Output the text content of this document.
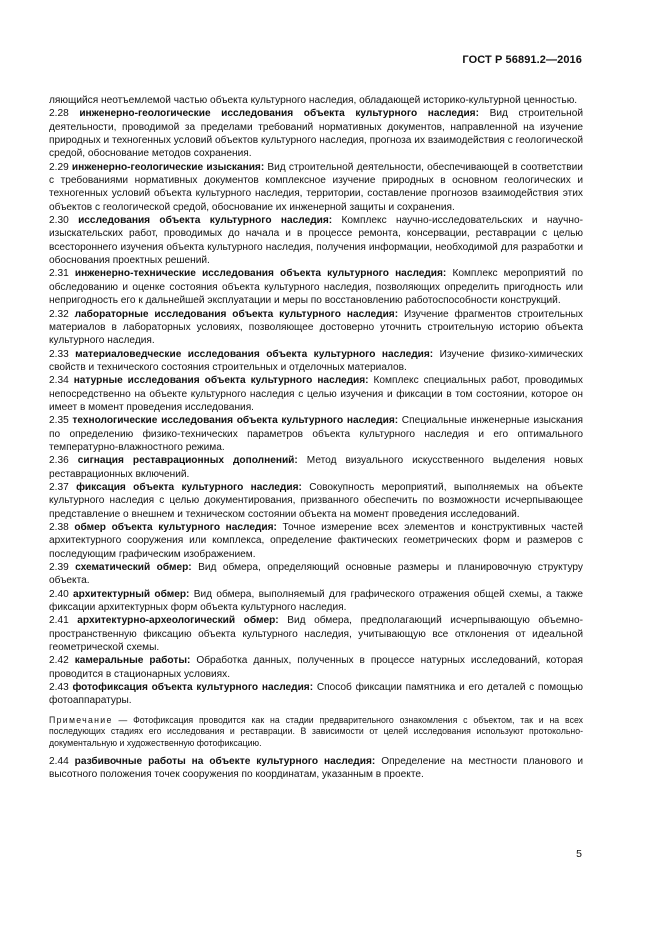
ГОСТ Р 56891.2—2016

ляющийся неотъемлемой частью объекта культурного наследия, обладающей историко-культурной ценностью.

2.28 инженерно-геологические исследования объекта культурного наследия: Вид строительной деятельности, проводимой за пределами требований нормативных документов, направленной на изучение природных и техногенных условий объектов культурного наследия, прогноза их взаимодействия с геологической средой, обоснование методов сохранения.

2.29 инженерно-геологические изыскания: Вид строительной деятельности, обеспечивающей в соответствии с требованиями нормативных документов комплексное изучение природных в основном геологических и техногенных условий объекта культурного наследия, территории, составление прогнозов взаимодействия этих объектов с геологической средой, обоснование их инженерной защиты и сохранения.

2.30 исследования объекта культурного наследия: Комплекс научно-исследовательских и научно-изыскательских работ, проводимых до начала и в процессе ремонта, консервации, реставрации с целью всестороннего изучения объекта культурного наследия, получения информации, необходимой для разработки и обоснования проектных решений.

2.31 инженерно-технические исследования объекта культурного наследия: Комплекс мероприятий по обследованию и оценке состояния объекта культурного наследия, позволяющих определить пригодность или непригодность его к дальнейшей эксплуатации и меры по восстановлению работоспособности конструкций.

2.32 лабораторные исследования объекта культурного наследия: Изучение фрагментов строительных материалов в лабораторных условиях, позволяющее достоверно уточнить строительную историю объекта культурного наследия.

2.33 материаловедческие исследования объекта культурного наследия: Изучение физико-химических свойств и технического состояния строительных и отделочных материалов.

2.34 натурные исследования объекта культурного наследия: Комплекс специальных работ, проводимых непосредственно на объекте культурного наследия с целью изучения и фиксации в том состоянии, которое он имеет в момент проведения исследования.

2.35 технологические исследования объекта культурного наследия: Специальные инженерные изыскания по определению физико-технических параметров объекта культурного наследия и его оптимального температурно-влажностного режима.

2.36 сигнация реставрационных дополнений: Метод визуального искусственного выделения новых реставрационных включений.

2.37 фиксация объекта культурного наследия: Совокупность мероприятий, выполняемых на объекте культурного наследия с целью документирования, призванного обеспечить по возможности исчерпывающее представление о внешнем и техническом состоянии объекта на момент проведения исследований.

2.38 обмер объекта культурного наследия: Точное измерение всех элементов и конструктивных частей архитектурного сооружения или комплекса, определение фактических геометрических форм и размеров с последующим графическим изображением.

2.39 схематический обмер: Вид обмера, определяющий основные размеры и планировочную структуру объекта.

2.40 архитектурный обмер: Вид обмера, выполняемый для графического отражения общей схемы, а также фиксации архитектурных форм объекта культурного наследия.

2.41 архитектурно-археологический обмер: Вид обмера, предполагающий исчерпывающую объемно-пространственную фиксацию объекта культурного наследия, учитывающую все отклонения от идеальной геометрической схемы.

2.42 камеральные работы: Обработка данных, полученных в процессе натурных исследований, которая проводится в стационарных условиях.

2.43 фотофиксация объекта культурного наследия: Способ фиксации памятника и его деталей с помощью фотоаппаратуры.

Примечание — Фотофиксация проводится как на стадии предварительного ознакомления с объектом, так и на всех последующих стадиях его исследования и реставрации. В зависимости от целей исследования используют протокольно-документальную и художественную фотофиксацию.

2.44 разбивочные работы на объекте культурного наследия: Определение на местности планового и высотного положения точек сооружения по координатам, указанным в проекте.

5
